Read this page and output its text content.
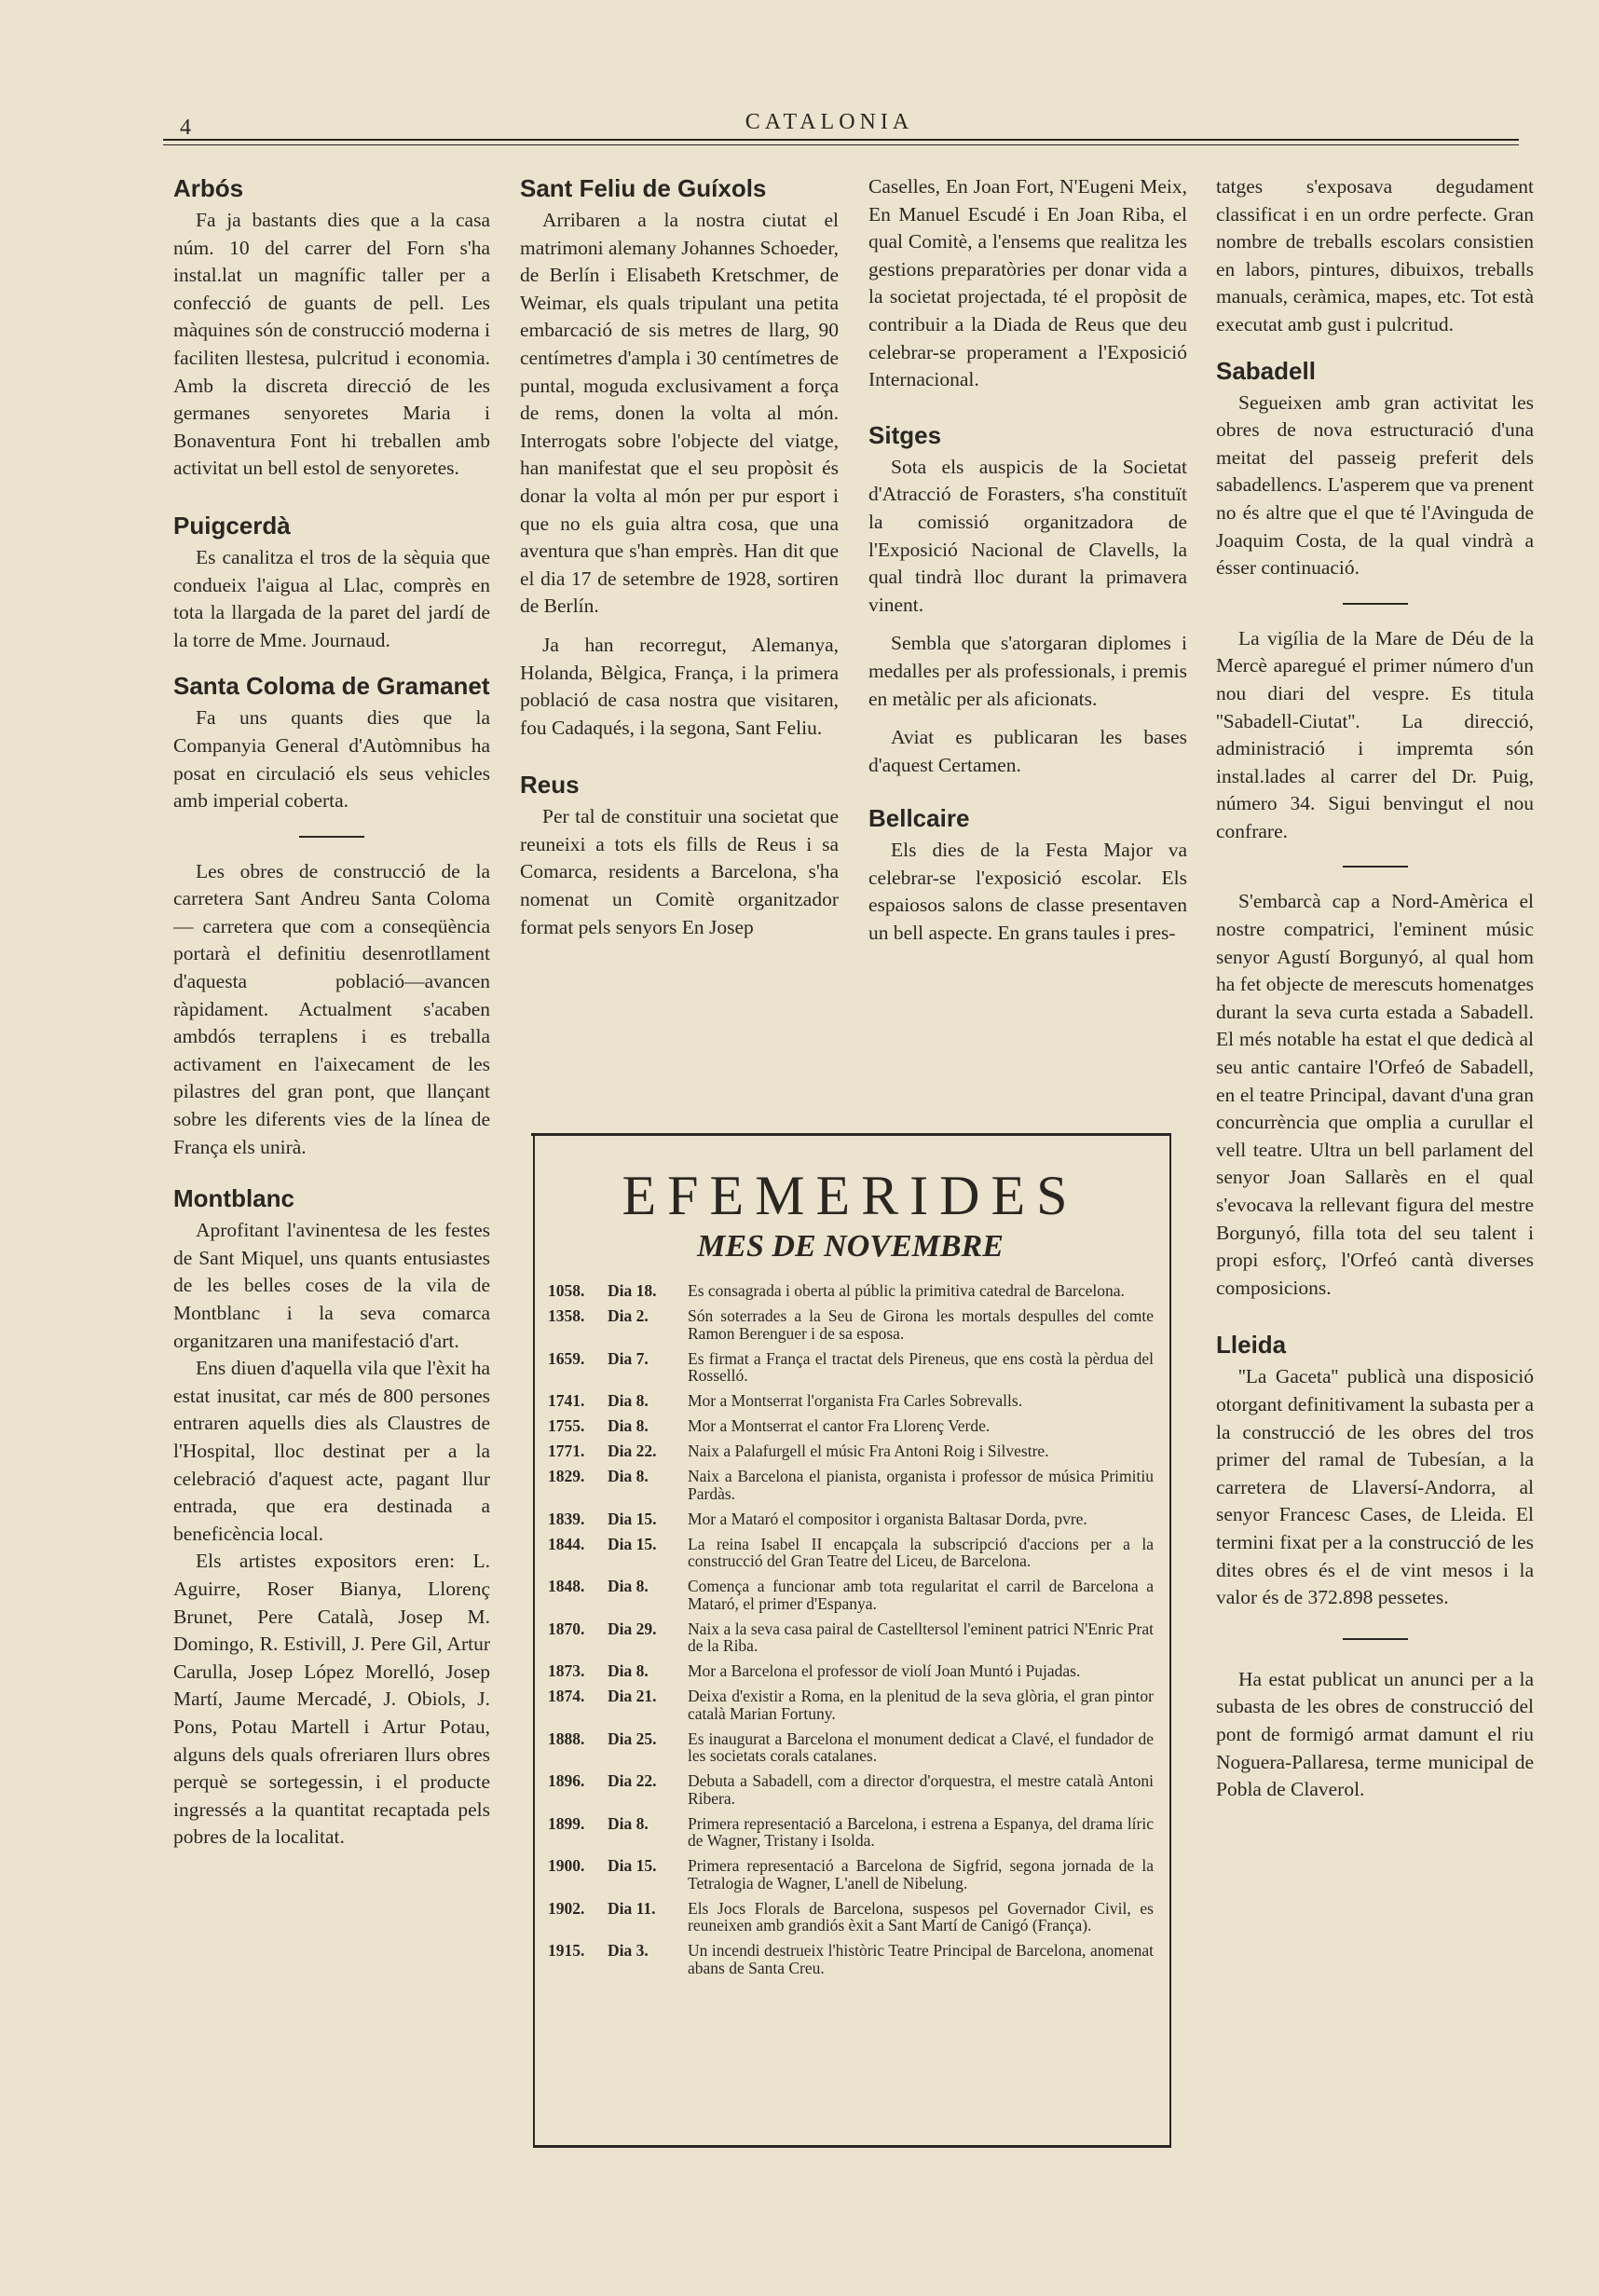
4	CATALONIA
Arbós

Fa ja bastants dies que a la casa núm. 10 del carrer del Forn s'ha instal.lat un magnífic taller per a confecció de guants de pell. Les màquines són de construcció moderna i faciliten llestesa, pulcritud i economia. Amb la discreta direcció de les germanes senyoretes Maria i Bonaventura Font hi treballen amb activitat un bell estol de senyoretes.

Puigcerdà

Es canalitza el tros de la sèquia que condueix l'aigua al Llac, comprès en tota la llargada de la paret del jardí de la torre de Mme. Journaud.

Santa Coloma de Gramanet

Fa uns quants dies que la Companyia General d'Autòmnibus ha posat en circulació els seus vehicles amb imperial coberta.

Les obres de construcció de la carretera Sant Andreu Santa Coloma — carretera que com a conseqüència portarà el definitiu desenrotllament d'aquesta població—avancen ràpidament. Actualment s'acaben ambdós terraplens i es treballa activament en l'aixecament de les pilastres del gran pont, que llançant sobre les diferents vies de la línea de França els unirà.

Montblanc

Aprofitant l'avinentesa de les festes de Sant Miquel, uns quants entusiastes de les belles coses de la vila de Montblanc i la seva comarca organitzaren una manifestació d'art.

Ens diuen d'aquella vila que l'èxit ha estat inusitat, car més de 800 persones entraren aquells dies als Claustres de l'Hospital, lloc destinat per a la celebració d'aquest acte, pagant llur entrada, que era destinada a beneficència local.

Els artistes expositors eren: L. Aguirre, Roser Bianya, Llorenç Brunet, Pere Català, Josep M. Domingo, R. Estivill, J. Pere Gil, Artur Carulla, Josep López Morelló, Josep Martí, Jaume Mercadé, J. Obiols, J. Pons, Potau Martell i Artur Potau, alguns dels quals ofreriaren llurs obres perquè se sortegessin, i el producte ingressés a la quantitat recaptada pels pobres de la localitat.

Sant Feliu de Guíxols

Arribaren a la nostra ciutat el matrimoni alemany Johannes Schoeder, de Berlín i Elisabeth Kretschmer, de Weimar, els quals tripulant una petita embarcació de sis metres de llarg, 90 centímetres d'ampla i 30 centímetres de puntal, moguda exclusivament a força de rems, donen la volta al món. Interrogats sobre l'objecte del viatge, han manifestat que el seu propòsit és donar la volta al món per pur esport i que no els guia altra cosa, que una aventura que s'han emprès. Han dit que el dia 17 de setembre de 1928, sortiren de Berlín.

Ja han recorregut, Alemanya, Holanda, Bèlgica, França, i la primera població de casa nostra que visitaren, fou Cadaqués, i la segona, Sant Feliu.

Reus

Per tal de constituir una societat que reuneixi a tots els fills de Reus i sa Comarca, residents a Barcelona, s'ha nomenat un Comitè organitzador format pels senyors En Josep

Caselles, En Joan Fort, N'Eugeni Meix, En Manuel Escudé i En Joan Riba, el qual Comitè, a l'ensems que realitza les gestions preparatòries per donar vida a la societat projectada, té el propòsit de contribuir a la Diada de Reus que deu celebrar-se properament a l'Exposició Internacional.

Sitges

Sota els auspicis de la Societat d'Atracció de Forasters, s'ha constituït la comissió organitzadora de l'Exposició Nacional de Clavells, la qual tindrà lloc durant la primavera vinent.

Sembla que s'atorgaran diplomes i medalles per als professionals, i premis en metàlic per als aficionats.

Aviat es publicaran les bases d'aquest Certamen.

Bellcaire

Els dies de la Festa Major va celebrar-se l'exposició escolar. Els espaiosos salons de classe presentaven un bell aspecte. En grans taules i pres-

tatges s'exposava degudament classificat i en un ordre perfecte. Gran nombre de treballs escolars consistien en labors, pintures, dibuixos, treballs manuals, ceràmica, mapes, etc. Tot està executat amb gust i pulcritud.

Sabadell

Segueixen amb gran activitat les obres de nova estructuració d'una meitat del passeig preferit dels sabadellencs. L'asperem que va prenent no és altre que el que té l'Avinguda de Joaquim Costa, de la qual vindrà a ésser continuació.

La vigília de la Mare de Déu de la Mercè aparegué el primer número d'un nou diari del vespre. Es titula ''Sabadell-Ciutat''. La direcció, administració i impremta són instal.lades al carrer del Dr. Puig, número 34. Sigui benvingut el nou confrare.

S'embarcà cap a Nord-Amèrica el nostre compatrici, l'eminent músic senyor Agustí Borgunyó, al qual hom ha fet objecte de merescuts homenatges durant la seva curta estada a Sabadell. El més notable ha estat el que dedicà al seu antic cantaire l'Orfeó de Sabadell, en el teatre Principal, davant d'una gran concurrència que omplia a curullar el vell teatre. Ultra un bell parlament del senyor Joan Sallarès en el qual s'evocava la rellevant figura del mestre Borgunyó, filla tota del seu talent i propi esforç, l'Orfeó cantà diverses composicions.

Lleida

''La Gaceta'' publicà una disposició otorgant definitivament la subasta per a la construcció de les obres del tros primer del ramal de Tubesían, a la carretera de Llaversí-Andorra, al senyor Francesc Cases, de Lleida. El termini fixat per a la construcció de les dites obres és el de vint mesos i la valor és de 372.898 pessetes.

Ha estat publicat un anunci per a la subasta de les obres de construcció del pont de formigó armat damunt el riu Noguera-Pallaresa, terme municipal de Pobla de Claverol.

EFEMERIDES
MES DE NOVEMBRE
1058.	Dia 18.	Es consagrada i oberta al públic la primitiva catedral de Barcelona.
1358.	Dia 2.	Són soterrades a la Seu de Girona les mortals despulles del comte Ramon Berenguer i de sa esposa.
1659.	Dia 7.	Es firmat a França el tractat dels Pireneus, que ens costà la pèrdua del Rosselló.
1741.	Dia 8.	Mor a Montserrat l'organista Fra Carles Sobrevalls.
1755.	Dia 8.	Mor a Montserrat el cantor Fra Llorenç Verde.
1771.	Dia 22.	Naix a Palafurgell el músic Fra Antoni Roig i Silvestre.
1829.	Dia 8.	Naix a Barcelona el pianista, organista i professor de música Primitiu Pardàs.
1839.	Dia 15.	Mor a Mataró el compositor i organista Baltasar Dorda, pvre.
1844.	Dia 15.	La reina Isabel II encapçala la subscripció d'accions per a la construcció del Gran Teatre del Liceu, de Barcelona.
1848.	Dia 8.	Comença a funcionar amb tota regularitat el carril de Barcelona a Mataró, el primer d'Espanya.
1870.	Dia 29.	Naix a la seva casa pairal de Castelltersol l'eminent patrici N'Enric Prat de la Riba.
1873.	Dia 8.	Mor a Barcelona el professor de violí Joan Muntó i Pujadas.
1874.	Dia 21.	Deixa d'existir a Roma, en la plenitud de la seva glòria, el gran pintor català Marian Fortuny.
1888.	Dia 25.	Es inaugurat a Barcelona el monument dedicat a Clavé, el fundador de les societats corals catalanes.
1896.	Dia 22.	Debuta a Sabadell, com a director d'orquestra, el mestre català Antoni Ribera.
1899.	Dia 8.	Primera representació a Barcelona, i estrena a Espanya, del drama líric de Wagner, Tristany i Isolda.
1900.	Dia 15.	Primera representació a Barcelona de Sigfrid, segona jornada de la Tetralogia de Wagner, L'anell de Nibelung.
1902.	Dia 11.	Els Jocs Florals de Barcelona, suspesos pel Governador Civil, es reuneixen amb grandiós èxit a Sant Martí de Canigó (França).
1915.	Dia 3.	Un incendi destrueix l'històric Teatre Principal de Barcelona, anomenat abans de Santa Creu.
